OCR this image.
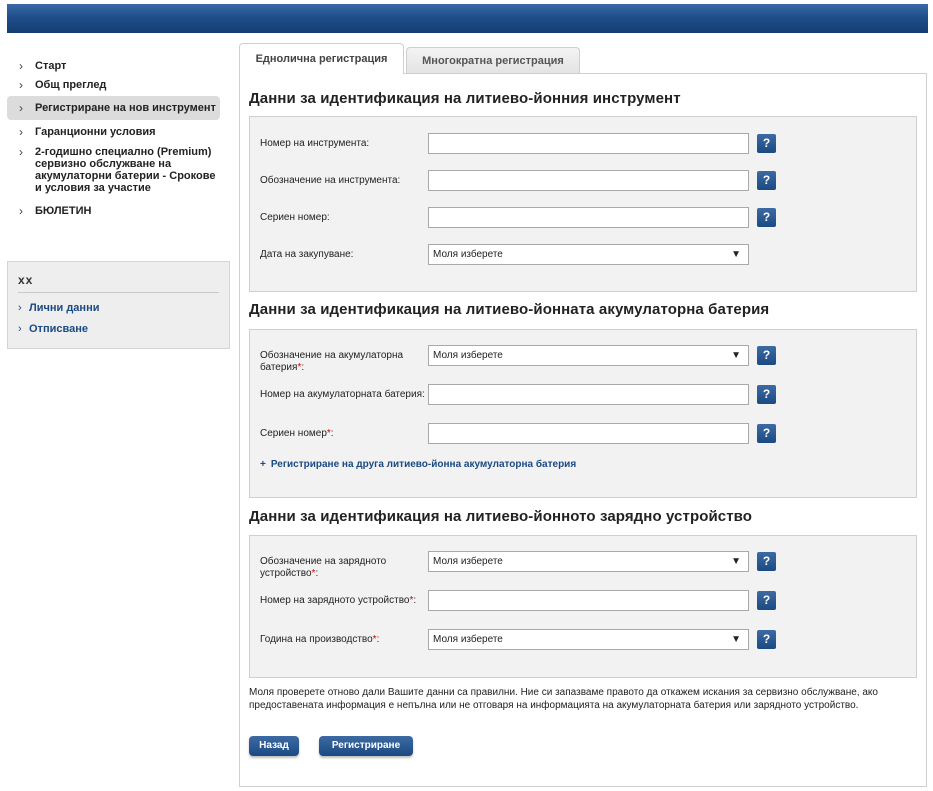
›	Старт
›	Общ преглед
›	Регистриране на нов инструмент
›	Гаранционни условия
›	2-годишно специално (Premium) сервизно обслужване на акумулаторни батерии - Срокове и условия за участие
›	БЮЛЕТИН
xx
› Лични данни
› Отписване
Еднолична регистрация	Многократна регистрация
Данни за идентификация на литиево-йонния инструмент
Номер на инструмента:	?
Обозначение на инструмента:	?
Сериен номер:	?
Дата на закупуване:	Моля изберете	▼
Данни за идентификация на литиево-йонната акумулаторна батерия
Обозначение на акумулаторна батерия*:
Моля изберете	▼	?
Номер на акумулаторната батерия:	?
Сериен номер*:	?
+ Регистриране на друга литиево-йонна акумулаторна батерия
Данни за идентификация на литиево-йонното зарядно устройство
Обозначение на зарядното устройство*:
Моля изберете	▼	?
Номер на зарядното устройство*:	?
Година на производство*:	Моля изберете	▼	?
Моля проверете отново дали Вашите данни са правилни. Ние си запазваме правото да откажем искания за сервизно обслужване, ако предоставената информация е непълна или не отговаря на информацията на акумулаторната батерия или зарядното устройство.
Назад	Регистриране
